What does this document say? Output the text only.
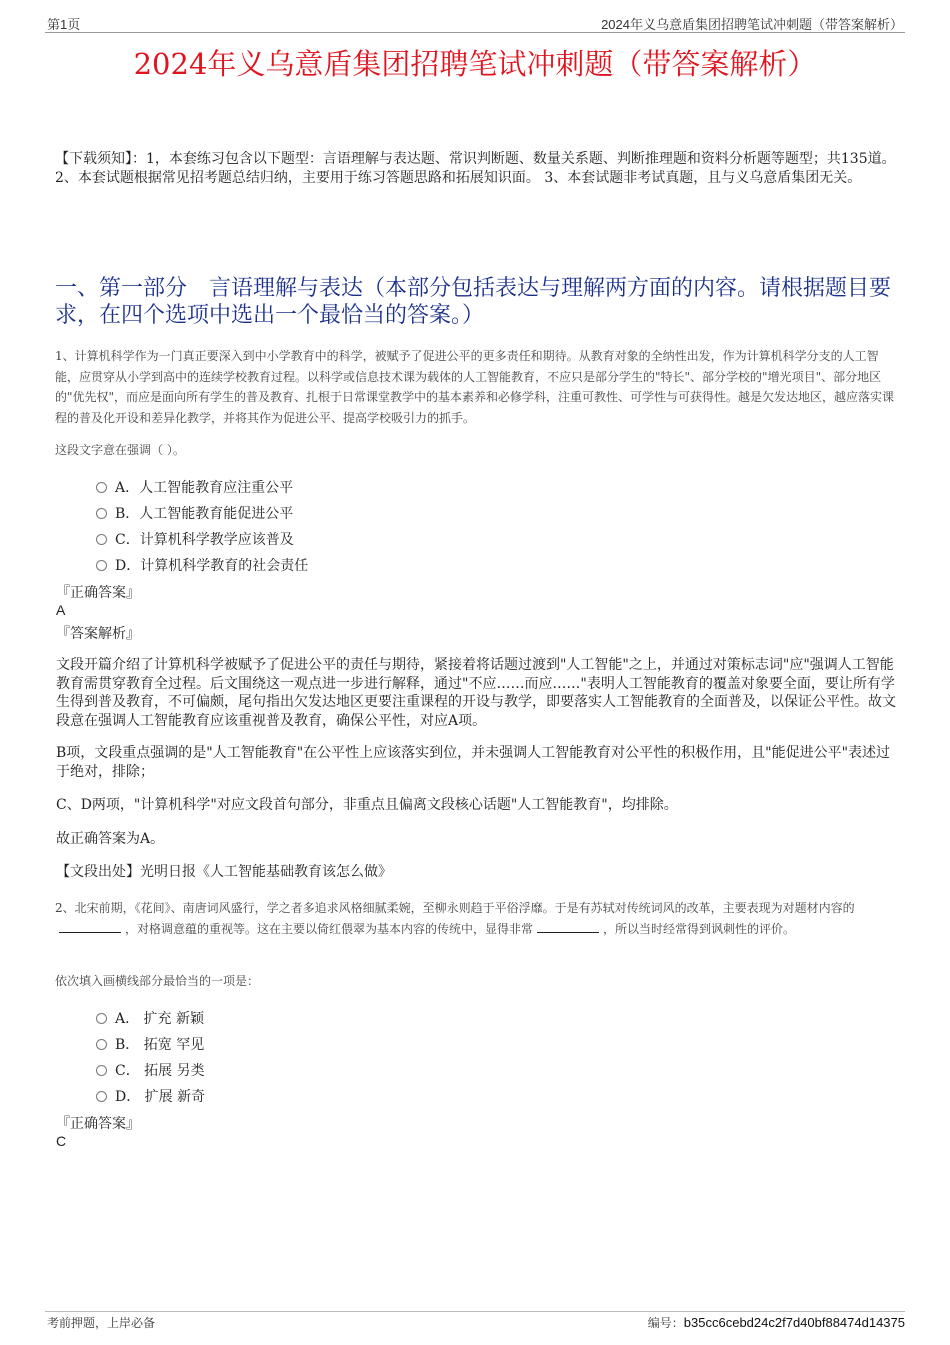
第1页	2024年义乌意盾集团招聘笔试冲刺题（带答案解析）
2024年义乌意盾集团招聘笔试冲刺题（带答案解析）
【下载须知】：1，本套练习包含以下题型：言语理解与表达题、常识判断题、数量关系题、判断推理题和资料分析题等题型；共135道。2、本套试题根据常见招考题总结归纳，主要用于练习答题思路和拓展知识面。 3、本套试题非考试真题，且与义乌意盾集团无关。
一、第一部分　言语理解与表达（本部分包括表达与理解两方面的内容。请根据题目要求，在四个选项中选出一个最恰当的答案。）
1、计算机科学作为一门真正要深入到中小学教育中的科学，被赋予了促进公平的更多责任和期待。从教育对象的全纳性出发，作为计算机科学分支的人工智能，应贯穿从小学到高中的连续学校教育过程。以科学或信息技术课为载体的人工智能教育，不应只是部分学生的"特长"、部分学校的"增光项目"、部分地区的"优先权"，而应是面向所有学生的普及教育、扎根于日常课堂教学中的基本素养和必修学科，注重可教性、可学性与可获得性。越是欠发达地区，越应落实课程的普及化开设和差异化教学，并将其作为促进公平、提高学校吸引力的抓手。
这段文字意在强调（ ）。
A．人工智能教育应注重公平
B．人工智能教育能促进公平
C．计算机科学教学应该普及
D．计算机科学教育的社会责任
『正确答案』
A
『答案解析』
文段开篇介绍了计算机科学被赋予了促进公平的责任与期待，紧接着将话题过渡到"人工智能"之上，并通过对策标志词"应"强调人工智能教育需贯穿教育全过程。后文围绕这一观点进一步进行解释，通过"不应……而应……"表明人工智能教育的覆盖对象要全面，要让所有学生得到普及教育，不可偏颇，尾句指出欠发达地区更要注重课程的开设与教学，即要落实人工智能教育的全面普及，以保证公平性。故文段意在强调人工智能教育应该重视普及教育，确保公平性，对应A项。
B项，文段重点强调的是"人工智能教育"在公平性上应该落实到位，并未强调人工智能教育对公平性的积极作用，且"能促进公平"表述过于绝对，排除；
C、D两项，"计算机科学"对应文段首句部分，非重点且偏离文段核心话题"人工智能教育"，均排除。
故正确答案为A。
【文段出处】光明日报《人工智能基础教育该怎么做》
2、北宋前期，《花间》、南唐词风盛行，学之者多追求风格细腻柔婉，至柳永则趋于平俗浮靡。于是有苏轼对传统词风的改革，主要表现为对题材内容的，对格调意蕴的重视等。这在主要以倚红偎翠为基本内容的传统中，显得非常	，所以当时经常得到讽刺性的评价。
依次填入画横线部分最恰当的一项是：
A． 扩充 新颖
B． 拓宽 罕见
C． 拓展 另类
D． 扩展 新奇
『正确答案』
C
考前押题，上岸必备	编号：b35cc6cebd24c2f7d40bf88474d14375
